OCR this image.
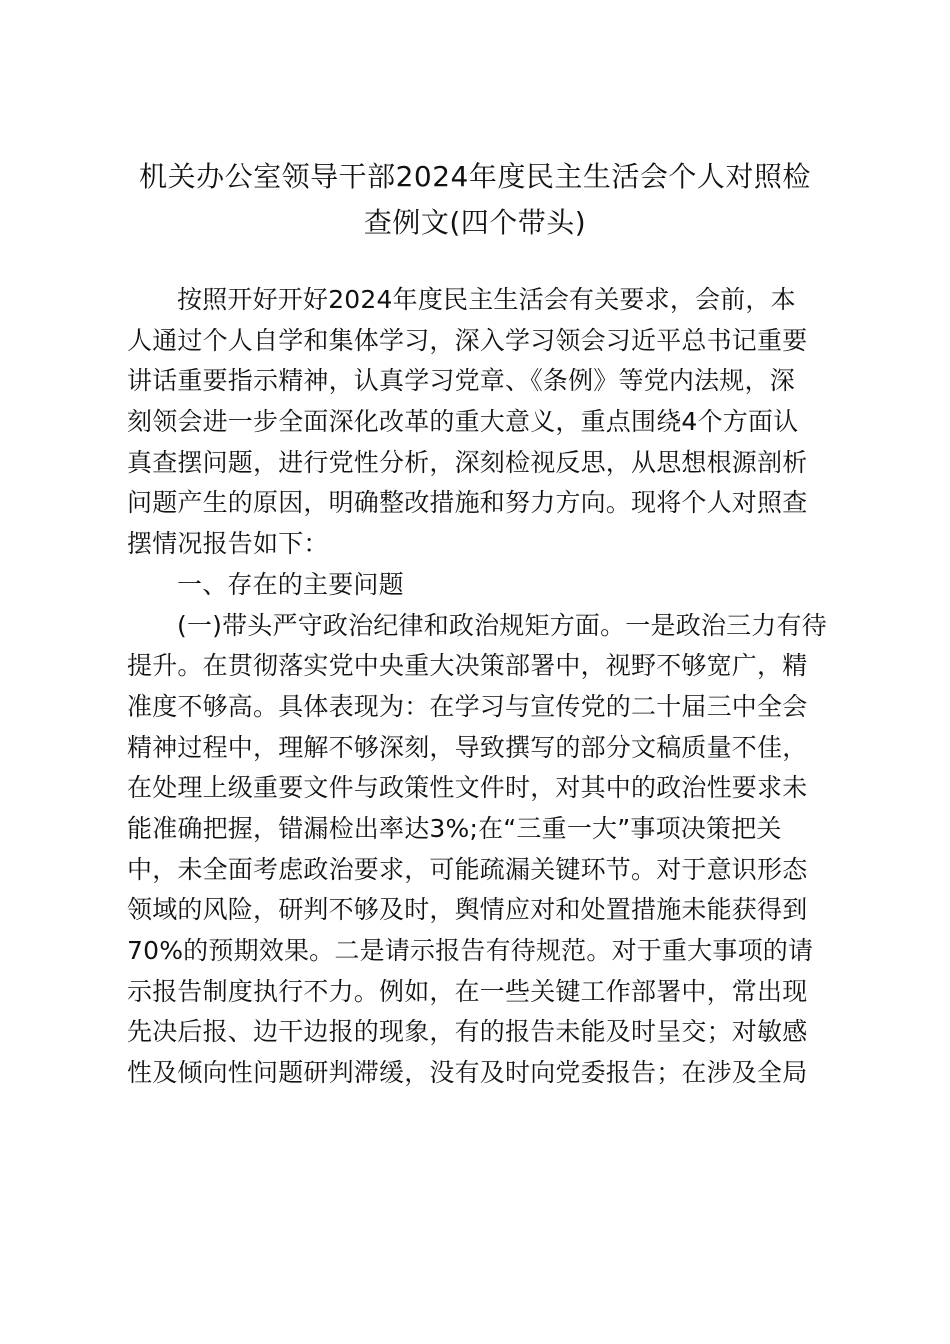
机关办公室领导干部2024年度民主生活会个人对照检
查例文(四个带头)
按照开好开好2024年度民主生活会有关要求，会前，本
人通过个人自学和集体学习，深入学习领会习近平总书记重要
讲话重要指示精神，认真学习党章、《条例》等党内法规，深
刻领会进一步全面深化改革的重大意义，重点围绕4个方面认
真查摆问题，进行党性分析，深刻检视反思，从思想根源剖析
问题产生的原因，明确整改措施和努力方向。现将个人对照查
摆情况报告如下：
一、存在的主要问题
(一)带头严守政治纪律和政治规矩方面。一是政治三力有待
提升。在贯彻落实党中央重大决策部署中，视野不够宽广，精
准度不够高。具体表现为：在学习与宣传党的二十届三中全会
精神过程中，理解不够深刻，导致撰写的部分文稿质量不佳，
在处理上级重要文件与政策性文件时，对其中的政治性要求未
能准确把握，错漏检出率达3%;在“三重一大”事项决策把关
中，未全面考虑政治要求，可能疏漏关键环节。对于意识形态
领域的风险，研判不够及时，舆情应对和处置措施未能获得到
70%的预期效果。二是请示报告有待规范。对于重大事项的请
示报告制度执行不力。例如，在一些关键工作部署中，常出现
先决后报、边干边报的现象，有的报告未能及时呈交；对敏感
性及倾向性问题研判滞缓，没有及时向党委报告；在涉及全局
